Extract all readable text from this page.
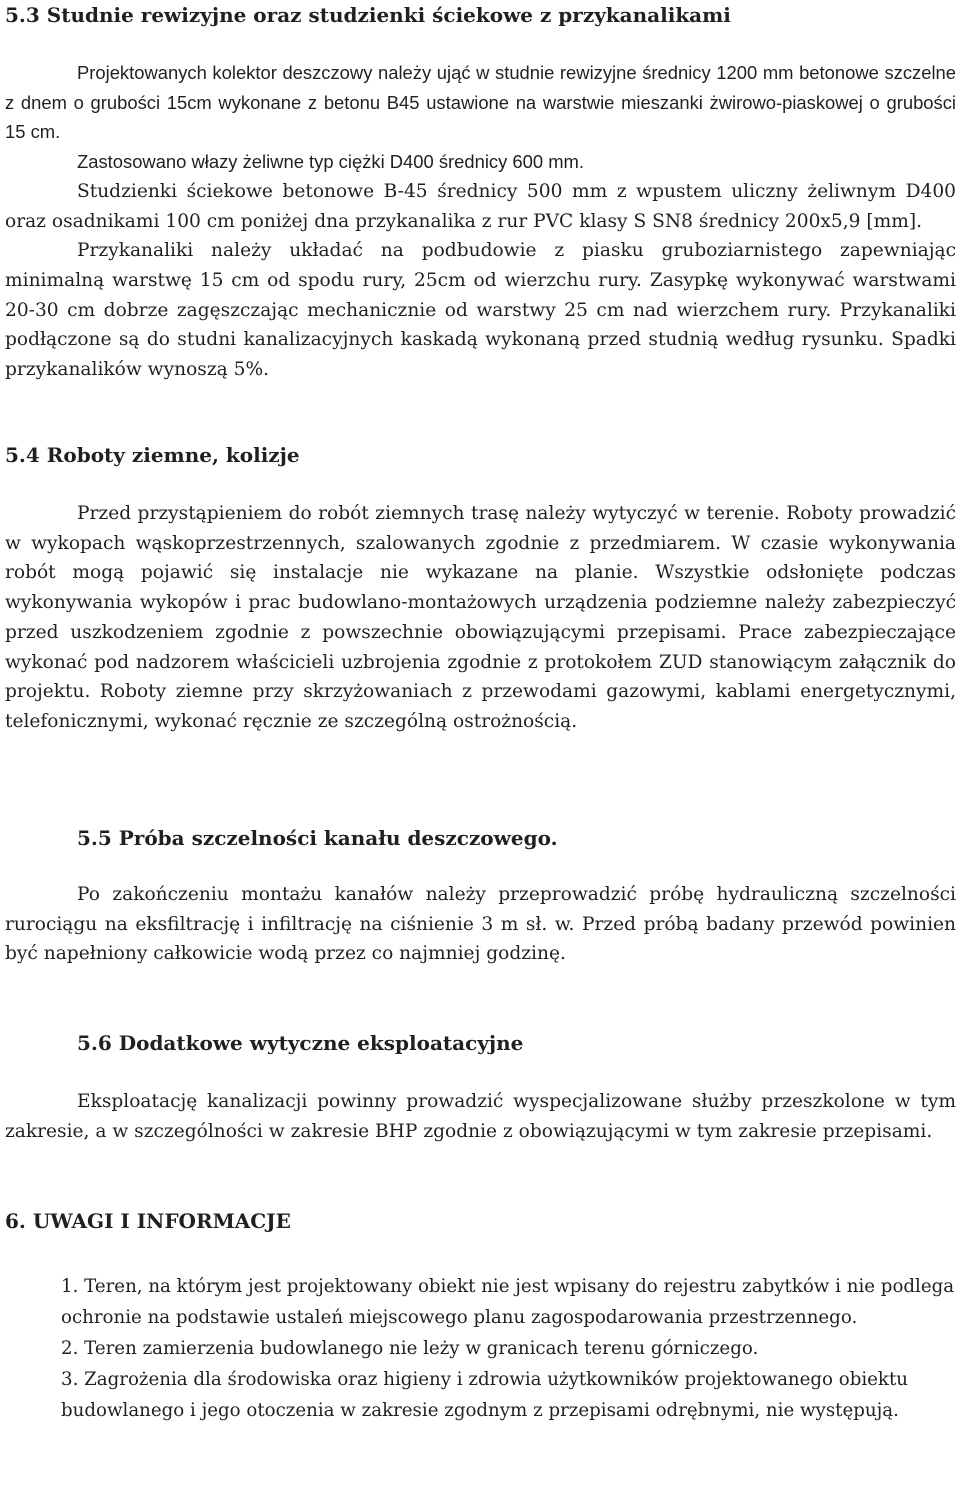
5.3 Studnie rewizyjne oraz studzienki ściekowe z przykanalikami

Projektowanych kolektor deszczowy należy ująć w studnie rewizyjne średnicy 1200 mm betonowe szczelne z dnem o grubości 15cm wykonane z betonu B45 ustawione na warstwie mieszanki żwirowo-piaskowej o grubości 15 cm.

Zastosowano włazy żeliwne typ ciężki D400 średnicy 600 mm.

Studzienki ściekowe betonowe B-45 średnicy 500 mm z wpustem uliczny żeliwnym D400 oraz osadnikami 100 cm poniżej dna przykanalika z rur PVC klasy S SN8 średnicy 200x5,9 [mm].

Przykanaliki należy układać na podbudowie z piasku gruboziarnistego zapewniając minimalną warstwę 15 cm od spodu rury, 25cm od wierzchu rury. Zasypkę wykonywać warstwami 20-30 cm dobrze zagęszczając mechanicznie od warstwy 25 cm nad wierzchem rury. Przykanaliki podłączone są do studni kanalizacyjnych kaskadą wykonaną przed studnią według rysunku. Spadki przykanalików wynoszą 5%.

5.4 Roboty ziemne, kolizje

Przed przystąpieniem do robót ziemnych trasę należy wytyczyć w terenie. Roboty prowadzić w wykopach wąskoprzestrzennych, szalowanych zgodnie z przedmiarem. W czasie wykonywania robót mogą pojawić się instalacje nie wykazane na planie. Wszystkie odsłonięte podczas wykonywania wykopów i prac budowlano-montażowych urządzenia podziemne należy zabezpieczyć przed uszkodzeniem zgodnie z powszechnie obowiązującymi przepisami. Prace zabezpieczające wykonać pod nadzorem właścicieli uzbrojenia zgodnie z protokołem ZUD stanowiącym załącznik do projektu. Roboty ziemne przy skrzyżowaniach z przewodami gazowymi, kablami energetycznymi, telefonicznymi, wykonać ręcznie ze szczególną ostrożnością.

5.5 Próba szczelności kanału deszczowego.

Po zakończeniu montażu kanałów należy przeprowadzić próbę hydrauliczną szczelności rurociągu na eksfiltrację i infiltrację na ciśnienie 3 m sł. w. Przed próbą badany przewód powinien być napełniony całkowicie wodą przez co najmniej godzinę.

5.6 Dodatkowe wytyczne eksploatacyjne

Eksploatację kanalizacji powinny prowadzić wyspecjalizowane służby przeszkolone w tym zakresie, a w szczególności w zakresie BHP zgodnie z obowiązującymi w tym zakresie przepisami.

6. UWAGI I INFORMACJE
1. Teren, na którym jest projektowany obiekt nie jest wpisany do rejestru zabytków i nie podlega ochronie na podstawie ustaleń miejscowego planu zagospodarowania przestrzennego.
2. Teren zamierzenia budowlanego nie leży w granicach terenu górniczego.
3. Zagrożenia dla środowiska oraz higieny i zdrowia użytkowników projektowanego obiektu budowlanego i jego otoczenia w zakresie zgodnym z przepisami odrębnymi, nie występują.
